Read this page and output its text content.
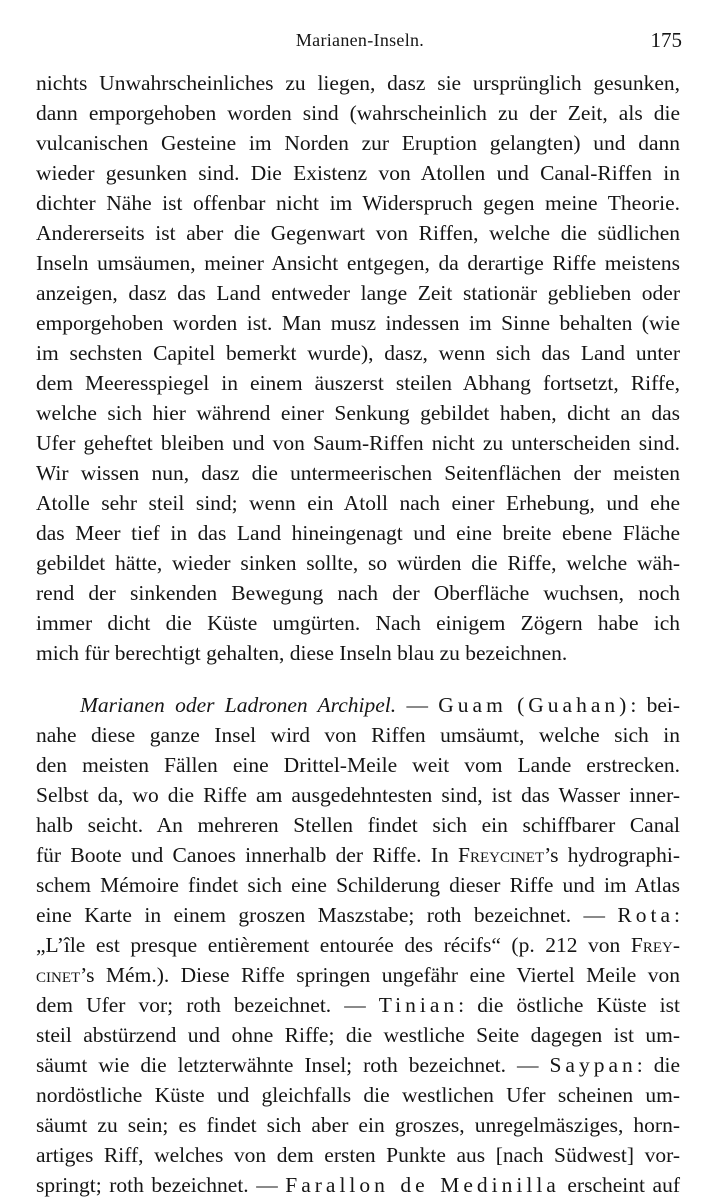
Marianen-Inseln.	175
nichts Unwahrscheinliches zu liegen, dasz sie ursprünglich gesunken,
dann emporgehoben worden sind (wahrscheinlich zu der Zeit, als die
vulcanischen Gesteine im Norden zur Eruption gelangten) und dann
wieder gesunken sind. Die Existenz von Atollen und Canal-Riffen in
dichter Nähe ist offenbar nicht im Widerspruch gegen meine Theorie.
Andererseits ist aber die Gegenwart von Riffen, welche die südlichen
Inseln umsäumen, meiner Ansicht entgegen, da derartige Riffe meistens
anzeigen, dasz das Land entweder lange Zeit stationär geblieben oder
emporgehoben worden ist. Man musz indessen im Sinne behalten (wie
im sechsten Capitel bemerkt wurde), dasz, wenn sich das Land unter
dem Meeresspiegel in einem äuszerst steilen Abhang fortsetzt, Riffe,
welche sich hier während einer Senkung gebildet haben, dicht an das
Ufer geheftet bleiben und von Saum-Riffen nicht zu unterscheiden sind.
Wir wissen nun, dasz die untermeerischen Seitenflächen der meisten
Atolle sehr steil sind; wenn ein Atoll nach einer Erhebung, und ehe
das Meer tief in das Land hineingenagt und eine breite ebene Fläche
gebildet hätte, wieder sinken sollte, so würden die Riffe, welche wäh-
rend der sinkenden Bewegung nach der Oberfläche wuchsen, noch
immer dicht die Küste umgürten. Nach einigem Zögern habe ich
mich für berechtigt gehalten, diese Inseln blau zu bezeichnen.
Marianen oder Ladronen Archipel. — Guam (Guahan): bei-
nahe diese ganze Insel wird von Riffen umsäumt, welche sich in
den meisten Fällen eine Drittel-Meile weit vom Lande erstrecken.
Selbst da, wo die Riffe am ausgedehntesten sind, ist das Wasser inner-
halb seicht. An mehreren Stellen findet sich ein schiffbarer Canal
für Boote und Canoes innerhalb der Riffe. In Freycinet’s hydrographi-
schem Mémoire findet sich eine Schilderung dieser Riffe und im Atlas
eine Karte in einem groszen Maszstabe; roth bezeichnet. — Rota:
„L’île est presque entièrement entourée des récifs“ (p. 212 von Frey-
cinet’s Mém.). Diese Riffe springen ungefähr eine Viertel Meile von
dem Ufer vor; roth bezeichnet. — Tinian: die östliche Küste ist
steil abstürzend und ohne Riffe; die westliche Seite dagegen ist um-
säumt wie die letzterwähnte Insel; roth bezeichnet. — Saypan: die
nordöstliche Küste und gleichfalls die westlichen Ufer scheinen um-
säumt zu sein; es findet sich aber ein groszes, unregelmäsziges, horn-
artiges Riff, welches von dem ersten Punkte aus [nach Südwest] vor-
springt; roth bezeichnet. — Farallon de Medinilla erscheint auf
